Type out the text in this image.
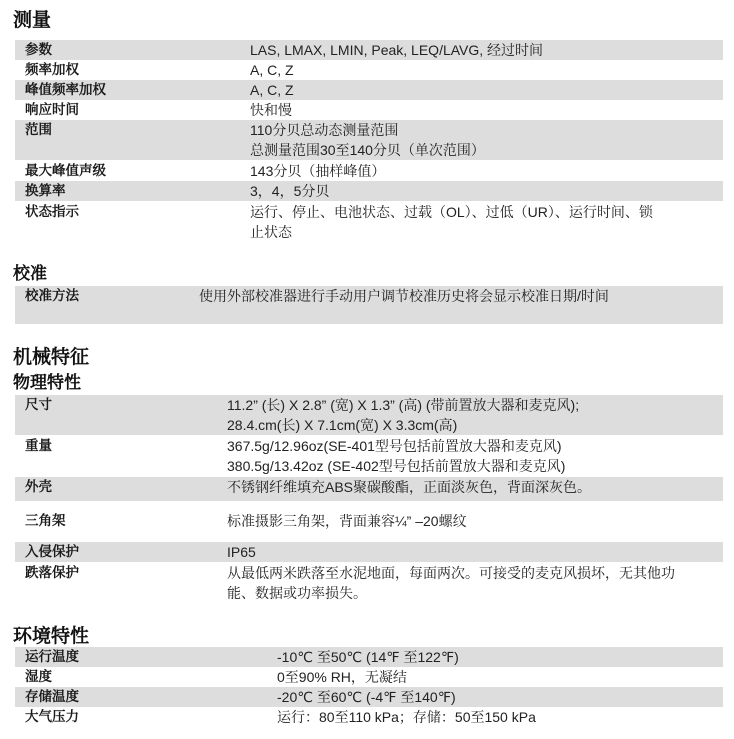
测量
参数	LAS, LMAX, LMIN, Peak, LEQ/LAVG, 经过时间
频率加权	A, C, Z
峰值频率加权	A, C, Z
响应时间	快和慢
范围	110分贝总动态测量范围
总测量范围30至140分贝（单次范围）
最大峰值声级	143分贝（抽样峰值）
换算率	3，4，5分贝
状态指示	运行、停止、电池状态、过载（OL）、过低（UR）、运行时间、锁
止状态
校准
校准方法	使用外部校准器进行手动用户调节校准历史将会显示校准日期/时间
机械特征
物理特性
尺寸	11.2” (长) X 2.8” (宽) X 1.3” (高) (带前置放大器和麦克风);
28.4.cm(长) X 7.1cm(宽) X 3.3cm(高)
重量	367.5g/12.96oz(SE-401型号包括前置放大器和麦克风)
380.5g/13.42oz (SE-402型号包括前置放大器和麦克风)
外壳	不锈钢纤维填充ABS聚碳酸酯，正面淡灰色，背面深灰色。
三角架	标准摄影三角架，背面兼容¼” –20螺纹
入侵保护	IP65
跌落保护	从最低两米跌落至水泥地面，每面两次。可接受的麦克风损坏，无其他功
能、数据或功率损失。
环境特性
运行温度	-10℃ 至50℃ (14℉ 至122℉)
湿度	0至90% RH，无凝结
存储温度	-20℃ 至60℃ (-4℉ 至140℉)
大气压力	运行：80至110 kPa；存储：50至150 kPa
